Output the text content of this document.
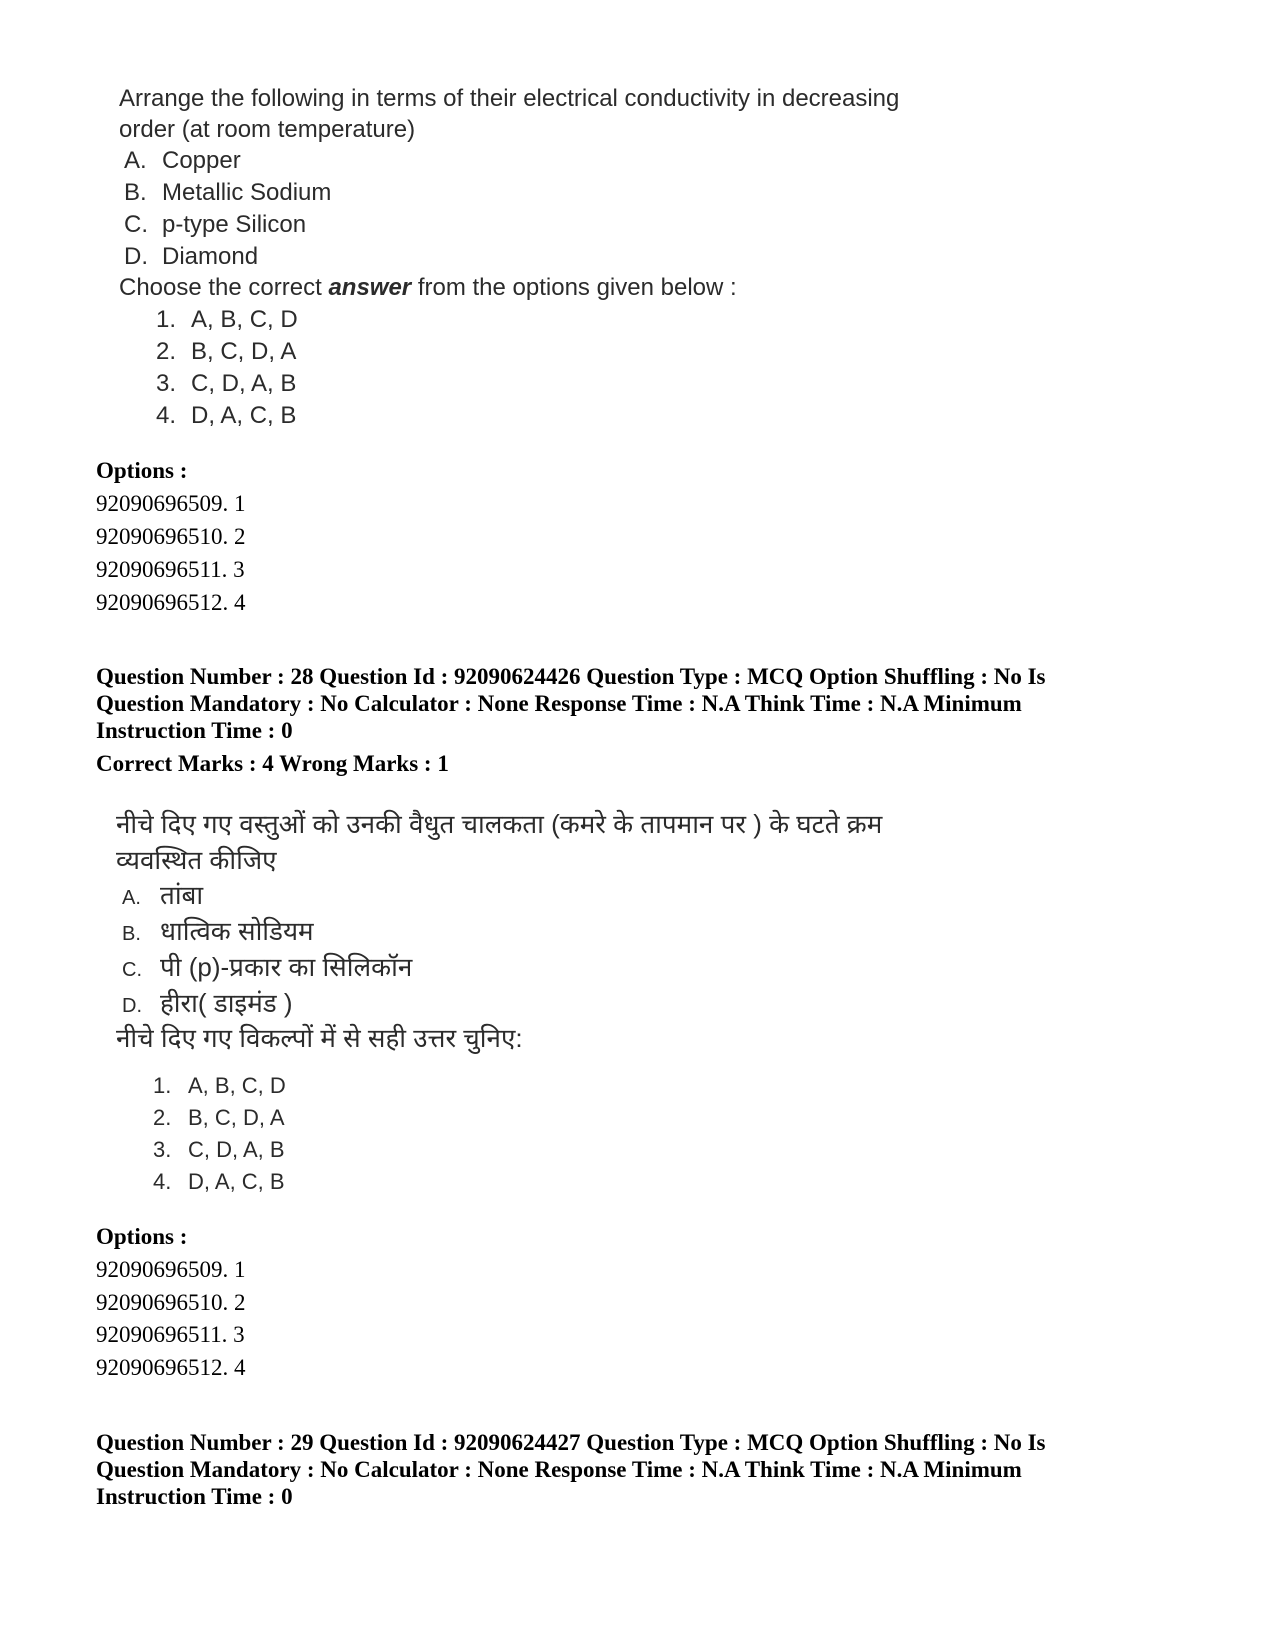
Arrange the following in terms of their electrical conductivity in decreasing
order (at room temperature)
A. Copper
B. Metallic Sodium
C. p-type Silicon
D. Diamond
Choose the correct answer from the options given below :
1. A, B, C, D
2. B, C, D, A
3. C, D, A, B
4. D, A, C, B
Options :
92090696509. 1
92090696510. 2
92090696511. 3
92090696512. 4
Question Number : 28 Question Id : 92090624426 Question Type : MCQ Option Shuffling : No Is
Question Mandatory : No Calculator : None Response Time : N.A Think Time : N.A Minimum
Instruction Time : 0
Correct Marks : 4 Wrong Marks : 1
नीचे दिए गए वस्तुओं को उनकी वैधुत चालकता (कमरे के तापमान पर ) के घटते क्रम
व्यवस्थित कीजिए
A. तांबा
B. धात्विक सोडियम
C. पी (p)-प्रकार का सिलिकॉन
D. हीरा( डाइमंड )
नीचे दिए गए विकल्पों में से सही उत्तर चुनिए:
1. A, B, C, D
2. B, C, D, A
3. C, D, A, B
4. D, A, C, B
Options :
92090696509. 1
92090696510. 2
92090696511. 3
92090696512. 4
Question Number : 29 Question Id : 92090624427 Question Type : MCQ Option Shuffling : No Is
Question Mandatory : No Calculator : None Response Time : N.A Think Time : N.A Minimum
Instruction Time : 0
